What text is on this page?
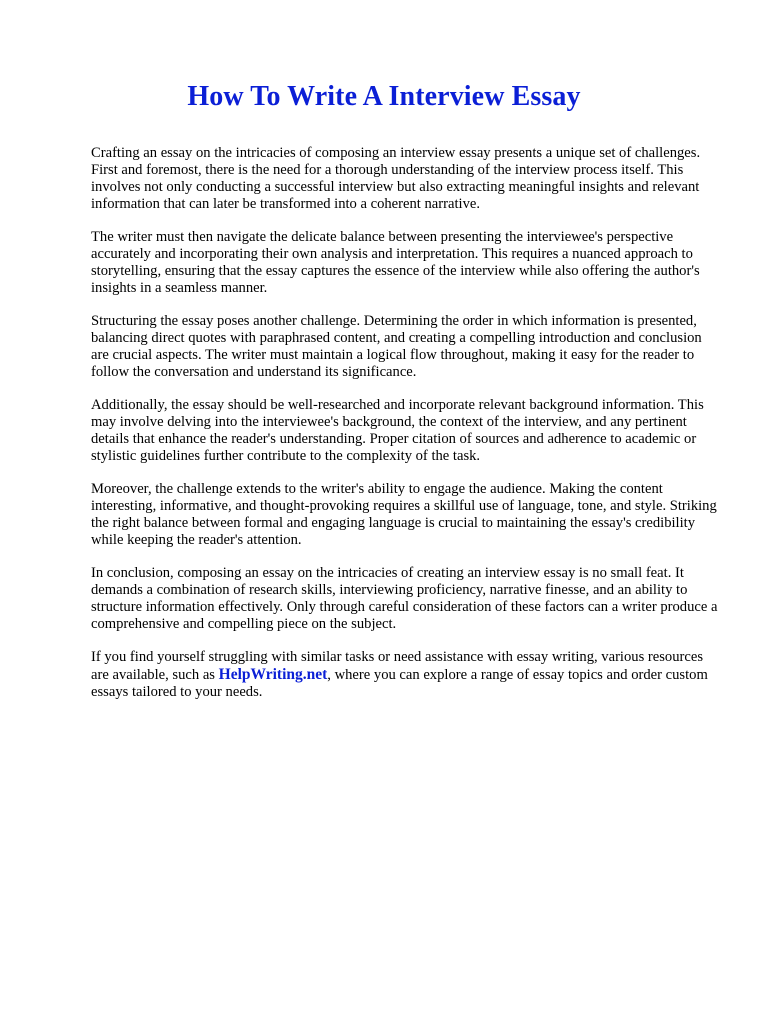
How To Write A Interview Essay

Crafting an essay on the intricacies of composing an interview essay presents a unique set of challenges. First and foremost, there is the need for a thorough understanding of the interview process itself. This involves not only conducting a successful interview but also extracting meaningful insights and relevant information that can later be transformed into a coherent narrative.

The writer must then navigate the delicate balance between presenting the interviewee's perspective accurately and incorporating their own analysis and interpretation. This requires a nuanced approach to storytelling, ensuring that the essay captures the essence of the interview while also offering the author's insights in a seamless manner.

Structuring the essay poses another challenge. Determining the order in which information is presented, balancing direct quotes with paraphrased content, and creating a compelling introduction and conclusion are crucial aspects. The writer must maintain a logical flow throughout, making it easy for the reader to follow the conversation and understand its significance.

Additionally, the essay should be well-researched and incorporate relevant background information. This may involve delving into the interviewee's background, the context of the interview, and any pertinent details that enhance the reader's understanding. Proper citation of sources and adherence to academic or stylistic guidelines further contribute to the complexity of the task.

Moreover, the challenge extends to the writer's ability to engage the audience. Making the content interesting, informative, and thought-provoking requires a skillful use of language, tone, and style. Striking the right balance between formal and engaging language is crucial to maintaining the essay's credibility while keeping the reader's attention.

In conclusion, composing an essay on the intricacies of creating an interview essay is no small feat. It demands a combination of research skills, interviewing proficiency, narrative finesse, and an ability to structure information effectively. Only through careful consideration of these factors can a writer produce a comprehensive and compelling piece on the subject.

If you find yourself struggling with similar tasks or need assistance with essay writing, various resources are available, such as HelpWriting.net, where you can explore a range of essay topics and order custom essays tailored to your needs.
